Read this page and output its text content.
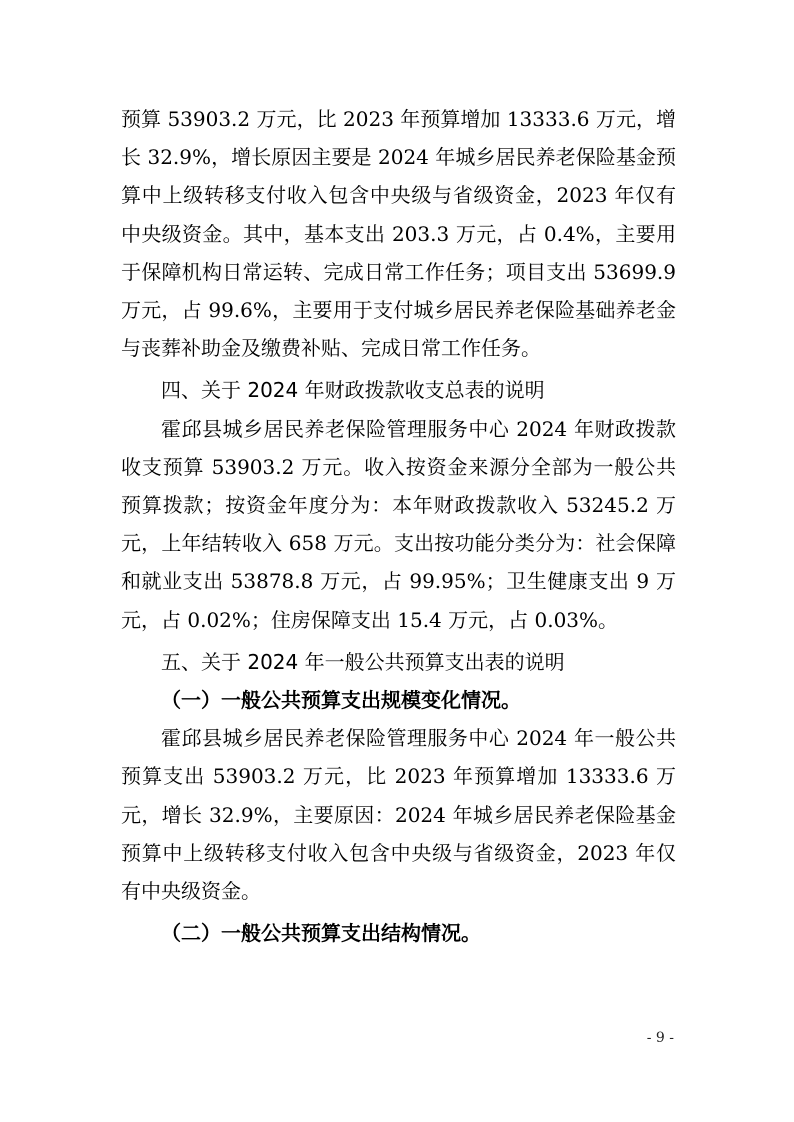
预算 53903.2 万元，比 2023 年预算增加 13333.6 万元，增长 32.9%，增长原因主要是 2024 年城乡居民养老保险基金预算中上级转移支付收入包含中央级与省级资金，2023 年仅有中央级资金。其中，基本支出 203.3 万元，占 0.4%，主要用于保障机构日常运转、完成日常工作任务；项目支出 53699.9 万元，占 99.6%，主要用于支付城乡居民养老保险基础养老金与丧葬补助金及缴费补贴、完成日常工作任务。

四、关于 2024 年财政拨款收支总表的说明

霍邱县城乡居民养老保险管理服务中心 2024 年财政拨款收支预算 53903.2 万元。收入按资金来源分全部为一般公共预算拨款；按资金年度分为：本年财政拨款收入 53245.2 万元，上年结转收入 658 万元。支出按功能分类分为：社会保障和就业支出 53878.8 万元，占 99.95%；卫生健康支出 9 万元，占 0.02%；住房保障支出 15.4 万元，占 0.03%。

五、关于 2024 年一般公共预算支出表的说明

（一）一般公共预算支出规模变化情况。

霍邱县城乡居民养老保险管理服务中心 2024 年一般公共预算支出 53903.2 万元，比 2023 年预算增加 13333.6 万元，增长 32.9%，主要原因：2024 年城乡居民养老保险基金预算中上级转移支付收入包含中央级与省级资金，2023 年仅有中央级资金。

（二）一般公共预算支出结构情况。

- 9 -
